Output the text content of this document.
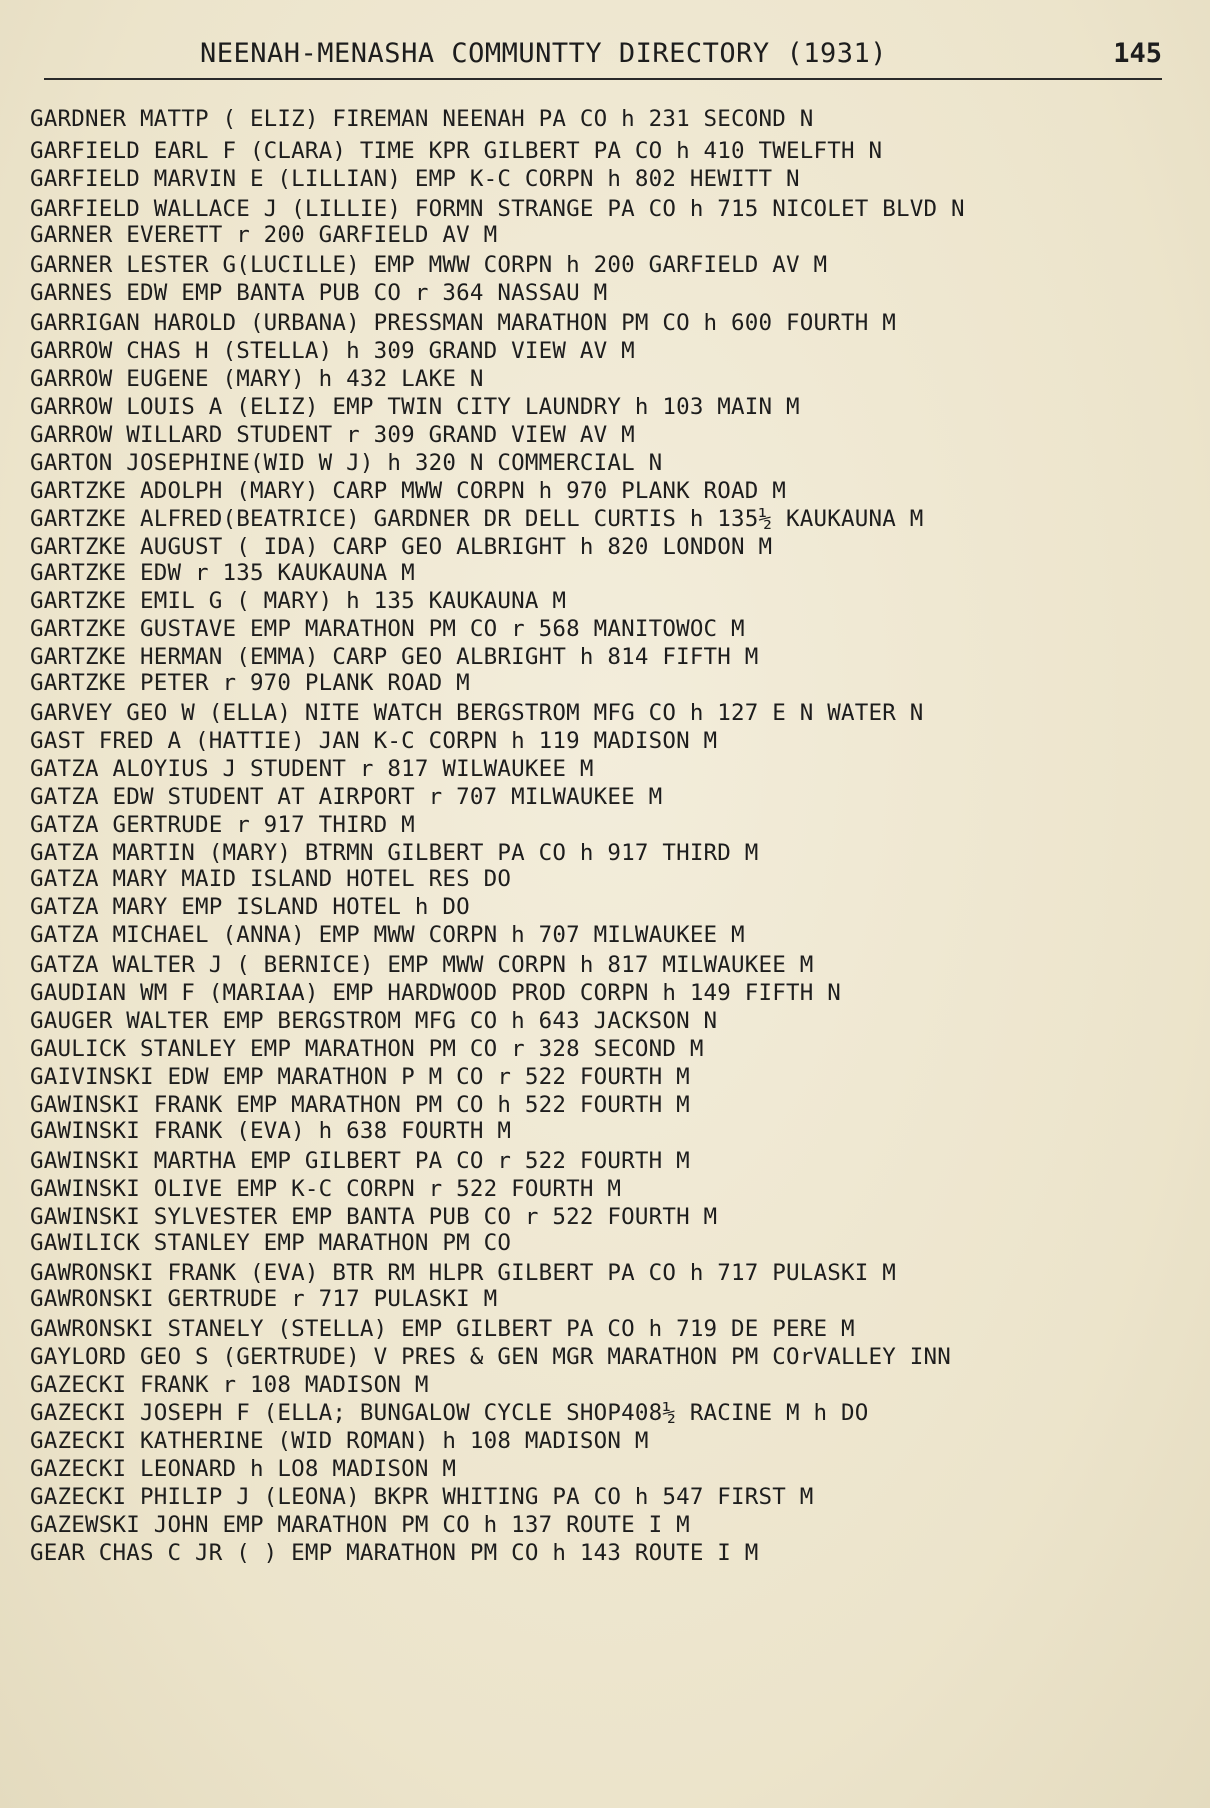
NEENAH-MENASHA COMMUNTTY DIRECTORY (1931)	145
GARDNER MATTP ( ELIZ) FIREMAN NEENAH PA CO h 231 SECOND N
GARFIELD EARL F (CLARA) TIME KPR GILBERT PA CO h 410 TWELFTH N
GARFIELD MARVIN E (LILLIAN) EMP K-C CORPN h 802 HEWITT N
GARFIELD WALLACE J (LILLIE) FORMN STRANGE PA CO h 715 NICOLET BLVD N
GARNER EVERETT r 200 GARFIELD AV M
GARNER LESTER G(LUCILLE) EMP MWW CORPN h 200 GARFIELD AV M
GARNES EDW EMP BANTA PUB CO r 364 NASSAU M
GARRIGAN HAROLD (URBANA) PRESSMAN MARATHON PM CO h 600 FOURTH M
GARROW CHAS H (STELLA) h 309 GRAND VIEW AV M
GARROW EUGENE (MARY) h 432 LAKE N
GARROW LOUIS A (ELIZ) EMP TWIN CITY LAUNDRY h 103 MAIN M
GARROW WILLARD STUDENT r 309 GRAND VIEW AV M
GARTON JOSEPHINE(WID W J) h 320 N COMMERCIAL N
GARTZKE ADOLPH (MARY) CARP MWW CORPN h 970 PLANK ROAD M
GARTZKE ALFRED(BEATRICE) GARDNER DR DELL CURTIS h 135½ KAUKAUNA M
GARTZKE AUGUST ( IDA) CARP GEO ALBRIGHT h 820 LONDON M
GARTZKE EDW r 135 KAUKAUNA M
GARTZKE EMIL G ( MARY) h 135 KAUKAUNA M
GARTZKE GUSTAVE EMP MARATHON PM CO r 568 MANITOWOC M
GARTZKE HERMAN (EMMA) CARP GEO ALBRIGHT h 814 FIFTH M
GARTZKE PETER r 970 PLANK ROAD M
GARVEY GEO W (ELLA) NITE WATCH BERGSTROM MFG CO h 127 E N WATER N
GAST FRED A (HATTIE) JAN K-C CORPN h 119 MADISON M
GATZA ALOYIUS J STUDENT r 817 WILWAUKEE M
GATZA EDW STUDENT AT AIRPORT r 707 MILWAUKEE M
GATZA GERTRUDE r 917 THIRD M
GATZA MARTIN (MARY) BTRMN GILBERT PA CO h 917 THIRD M
GATZA MARY MAID ISLAND HOTEL RES DO
GATZA MARY EMP ISLAND HOTEL h DO
GATZA MICHAEL (ANNA) EMP MWW CORPN h 707 MILWAUKEE M
GATZA WALTER J ( BERNICE) EMP MWW CORPN h 817 MILWAUKEE M
GAUDIAN WM F (MARIAA) EMP HARDWOOD PROD CORPN h 149 FIFTH N
GAUGER WALTER EMP BERGSTROM MFG CO h 643 JACKSON N
GAULICK STANLEY EMP MARATHON PM CO r 328 SECOND M
GAIVINSKI EDW EMP MARATHON P M CO r 522 FOURTH M
GAWINSKI FRANK EMP MARATHON PM CO h 522 FOURTH M
GAWINSKI FRANK (EVA) h 638 FOURTH M
GAWINSKI MARTHA EMP GILBERT PA CO r 522 FOURTH M
GAWINSKI OLIVE EMP K-C CORPN r 522 FOURTH M
GAWINSKI SYLVESTER EMP BANTA PUB CO r 522 FOURTH M
GAWILICK STANLEY EMP MARATHON PM CO
GAWRONSKI FRANK (EVA) BTR RM HLPR GILBERT PA CO h 717 PULASKI M
GAWRONSKI GERTRUDE r 717 PULASKI M
GAWRONSKI STANELY (STELLA) EMP GILBERT PA CO h 719 DE PERE M
GAYLORD GEO S (GERTRUDE) V PRES & GEN MGR MARATHON PM COrVALLEY INN
GAZECKI FRANK r 108 MADISON M
GAZECKI JOSEPH F (ELLA; BUNGALOW CYCLE SHOP408½ RACINE M h DO
GAZECKI KATHERINE (WID ROMAN) h 108 MADISON M
GAZECKI LEONARD h LO8 MADISON M
GAZECKI PHILIP J (LEONA) BKPR WHITING PA CO h 547 FIRST M
GAZEWSKI JOHN EMP MARATHON PM CO h 137 ROUTE I M
GEAR CHAS C JR ( ) EMP MARATHON PM CO h 143 ROUTE I M
